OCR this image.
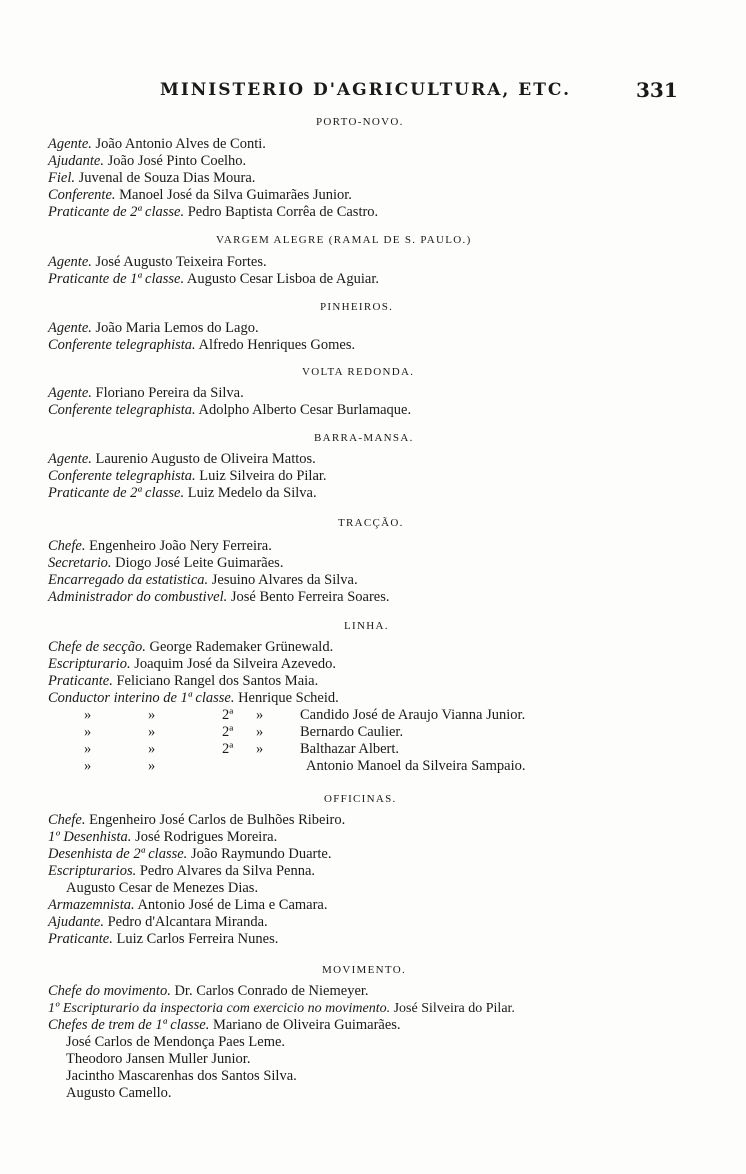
MINISTERIO D'AGRICULTURA, ETC.	331
PORTO-NOVO.
Agente. João Antonio Alves de Conti.
Ajudante. João José Pinto Coelho.
Fiel. Juvenal de Souza Dias Moura.
Conferente. Manoel José da Silva Guimarães Junior.
Praticante de 2ª classe. Pedro Baptista Corrêa de Castro.
VARGEM ALEGRE (RAMAL DE S. PAULO.)
Agente. José Augusto Teixeira Fortes.
Praticante de 1ª classe. Augusto Cesar Lisboa de Aguiar.
PINHEIROS.
Agente. João Maria Lemos do Lago.
Conferente telegraphista. Alfredo Henriques Gomes.
VOLTA REDONDA.
Agente. Floriano Pereira da Silva.
Conferente telegraphista. Adolpho Alberto Cesar Burlamaque.
BARRA-MANSA.
Agente. Laurenio Augusto de Oliveira Mattos.
Conferente telegraphista. Luiz Silveira do Pilar.
Praticante de 2ª classe. Luiz Medelo da Silva.
TRACÇÃO.
Chefe. Engenheiro João Nery Ferreira.
Secretario. Diogo José Leite Guimarães.
Encarregado da estatistica. Jesuino Alvares da Silva.
Administrador do combustivel. José Bento Ferreira Soares.
LINHA.
Chefe de secção. George Rademaker Grünewald.
Escripturario. Joaquim José da Silveira Azevedo.
Praticante. Feliciano Rangel dos Santos Maia.
Conductor interino de 1ª classe. Henrique Scheid.
»	»	2ª »	Candido José de Araujo Vianna Junior.
»	»	2ª »	Bernardo Caulier.
»	»	2ª »	Balthazar Albert.
»	»	Antonio Manoel da Silveira Sampaio.
OFFICINAS.
Chefe. Engenheiro José Carlos de Bulhões Ribeiro.
1º Desenhista. José Rodrigues Moreira.
Desenhista de 2ª classe. João Raymundo Duarte.
Escripturarios. Pedro Alvares da Silva Penna.
Augusto Cesar de Menezes Dias.
Armazemnista. Antonio José de Lima e Camara.
Ajudante. Pedro d'Alcantara Miranda.
Praticante. Luiz Carlos Ferreira Nunes.
MOVIMENTO.
Chefe do movimento. Dr. Carlos Conrado de Niemeyer.
1º Escripturario da inspectoria com exercicio no movimento. José Silveira do Pilar.
Chefes de trem de 1ª classe. Mariano de Oliveira Guimarães.
José Carlos de Mendonça Paes Leme.
Theodoro Jansen Muller Junior.
Jacintho Mascarenhas dos Santos Silva.
Augusto Camello.
